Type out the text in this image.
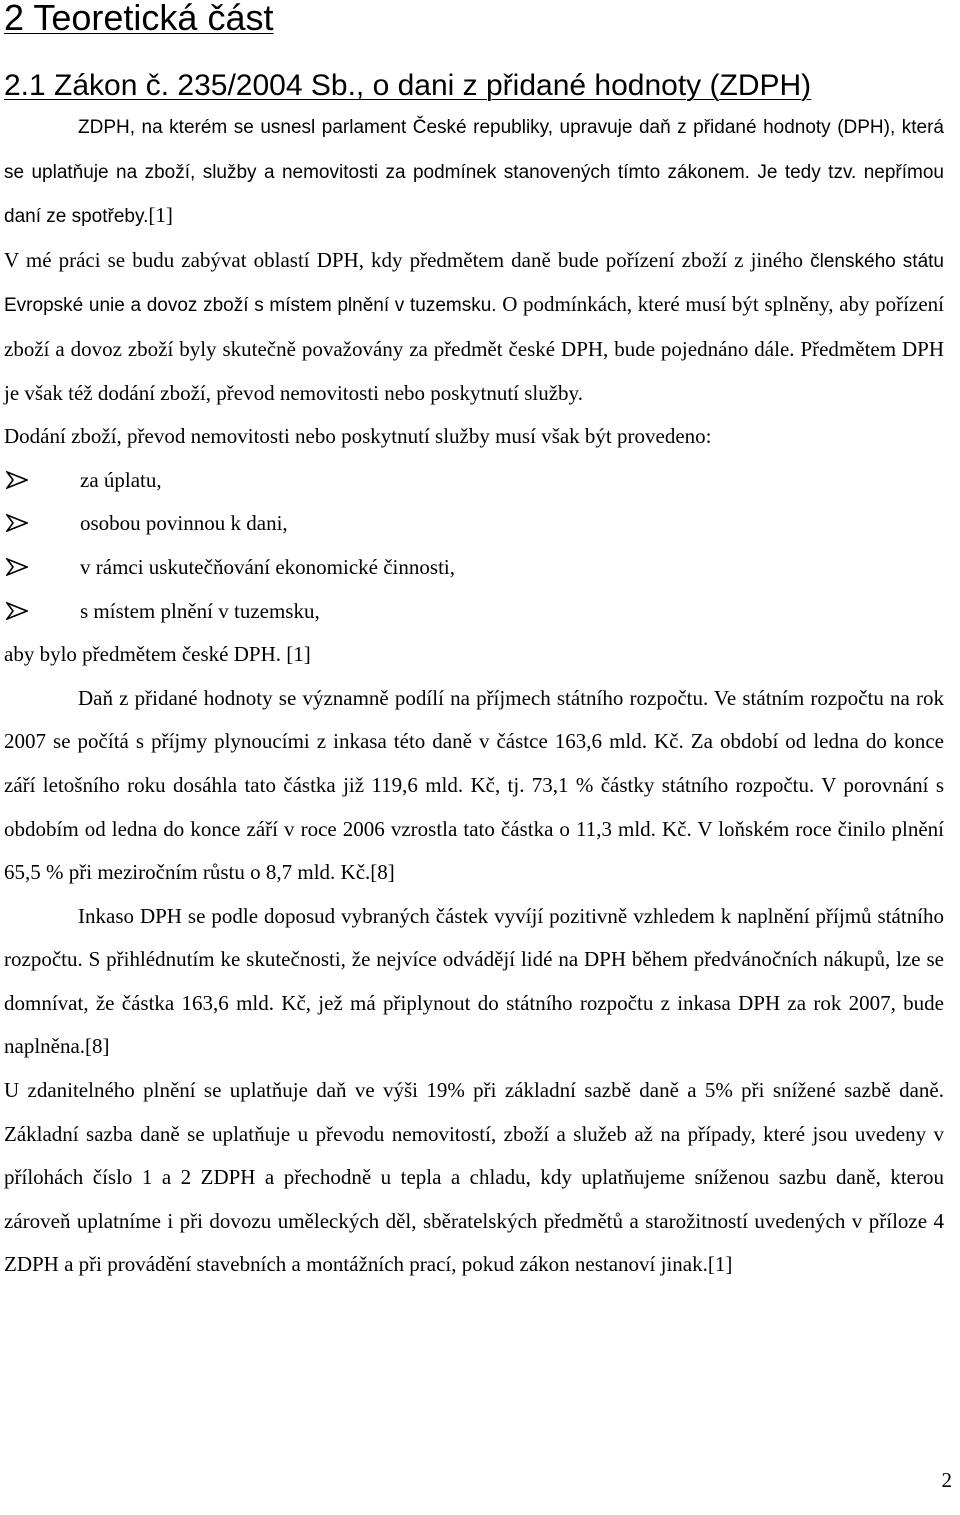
2 Teoretická část
2.1 Zákon č. 235/2004 Sb., o dani z přidané hodnoty (ZDPH)

ZDPH, na kterém se usnesl parlament České republiky, upravuje daň z přidané hodnoty (DPH), která se uplatňuje na zboží, služby a nemovitosti za podmínek stanovených tímto zákonem. Je tedy tzv. nepřímou daní ze spotřeby.[1]

V mé práci se budu zabývat oblastí DPH, kdy předmětem daně bude pořízení zboží z jiného členského státu Evropské unie a dovoz zboží s místem plnění v tuzemsku. O podmínkách, které musí být splněny, aby pořízení zboží a dovoz zboží byly skutečně považovány za předmět české DPH, bude pojednáno dále. Předmětem DPH je však též dodání zboží, převod nemovitosti nebo poskytnutí služby.

Dodání zboží, převod nemovitosti nebo poskytnutí služby musí však být provedeno:

za úplatu,
osobou povinnou k dani,
v rámci uskutečňování ekonomické činnosti,
s místem plnění v tuzemsku,

aby bylo předmětem české DPH. [1]

Daň z přidané hodnoty se významně podílí na příjmech státního rozpočtu. Ve státním rozpočtu na rok 2007 se počítá s příjmy plynoucími z inkasa této daně v částce 163,6 mld. Kč. Za období od ledna do konce září letošního roku dosáhla tato částka již 119,6 mld. Kč, tj. 73,1 % částky státního rozpočtu. V porovnání s obdobím od ledna do konce září v roce 2006 vzrostla tato částka o 11,3 mld. Kč. V loňském roce činilo plnění 65,5 % při meziročním růstu o 8,7 mld. Kč.[8]

Inkaso DPH se podle doposud vybraných částek vyvíjí pozitivně vzhledem k naplnění příjmů státního rozpočtu. S přihlédnutím ke skutečnosti, že nejvíce odvádějí lidé na DPH během předvánočních nákupů, lze se domnívat, že částka 163,6 mld. Kč, jež má připlynout do státního rozpočtu z inkasa DPH za rok 2007, bude naplněna.[8]

U zdanitelného plnění se uplatňuje daň ve výši 19% při základní sazbě daně a 5% při snížené sazbě daně. Základní sazba daně se uplatňuje u převodu nemovitostí, zboží a služeb až na případy, které jsou uvedeny v přílohách číslo 1 a 2 ZDPH a přechodně u tepla a chladu, kdy uplatňujeme sníženou sazbu daně, kterou zároveň uplatníme i při dovozu uměleckých děl, sběratelských předmětů a starožitností uvedených v příloze 4 ZDPH a při provádění stavebních a montážních prací, pokud zákon nestanoví jinak.[1]

2
